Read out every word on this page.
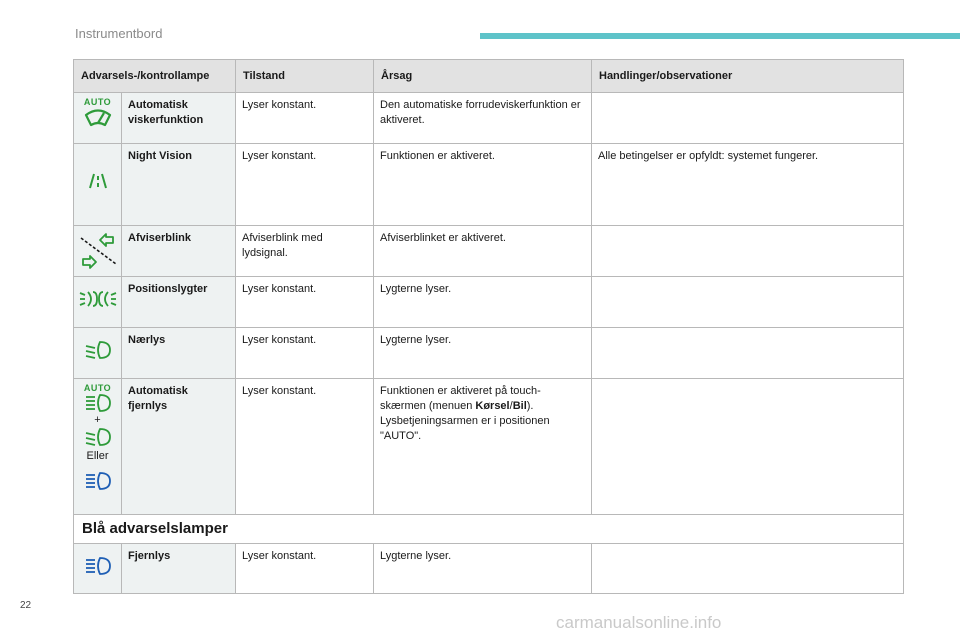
Instrumentbord
Advarsels-/kontrollampe		Tilstand	Årsag	Handlinger/observationer

AUTO	Automatisk viskerfunktion	Lyser konstant.	Den automatiske forrudeviskerfunktion er aktiveret.	

	Night Vision	Lyser konstant.	Funktionen er aktiveret.	Alle betingelser er opfyldt: systemet fungerer.

	Afviserblink	Afviserblink med lydsignal.	Afviserblinket er aktiveret.	

	Positionslygter	Lyser konstant.	Lygterne lyser.	

	Nærlys	Lyser konstant.	Lygterne lyser.	

AUTO
+
Eller	Automatisk fjernlys	Lyser konstant.	Funktionen er aktiveret på touch-skærmen (menuen Kørsel/Bil).
Lysbetjeningsarmen er i positionen "AUTO".	
Blå advarselslamper				

	Fjernlys	Lyser konstant.	Lygterne lyser.	
22
carmanualsonline.info
